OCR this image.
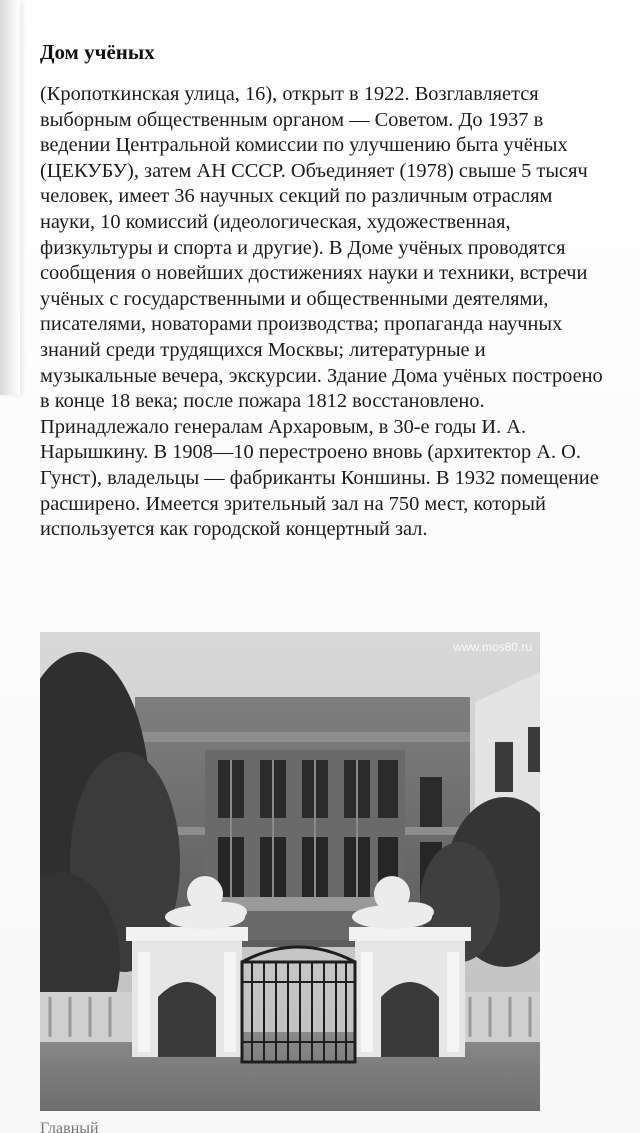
Дом учёных

(Кропоткинская улица, 16), открыт в 1922. Возглавляется выборным общественным органом — Советом. До 1937 в ведении Центральной комиссии по улучшению быта учёных (ЦЕКУБУ), затем АН СССР. Объединяет (1978) свыше 5 тысяч человек, имеет 36 научных секций по различным отраслям науки, 10 комиссий (идеологическая, художественная, физкультуры и спорта и другие). В Доме учёных проводятся сообщения о новейших достижениях науки и техники, встречи учёных с государственными и общественными деятелями, писателями, новаторами производства; пропаганда научных знаний среди трудящихся Москвы; литературные и музыкальные вечера, экскурсии. Здание Дома учёных построено в конце 18 века; после пожара 1812 восстановлено. Принадлежало генералам Архаровым, в 30-е годы И. А. Нарышкину. В 1908—10 перестроено вновь (архитектор А. О. Гунст), владельцы — фабриканты Коншины. В 1932 помещение расширено. Имеется зрительный зал на 750 мест, который используется как городской концертный зал.

www.mos80.ru
Главный
